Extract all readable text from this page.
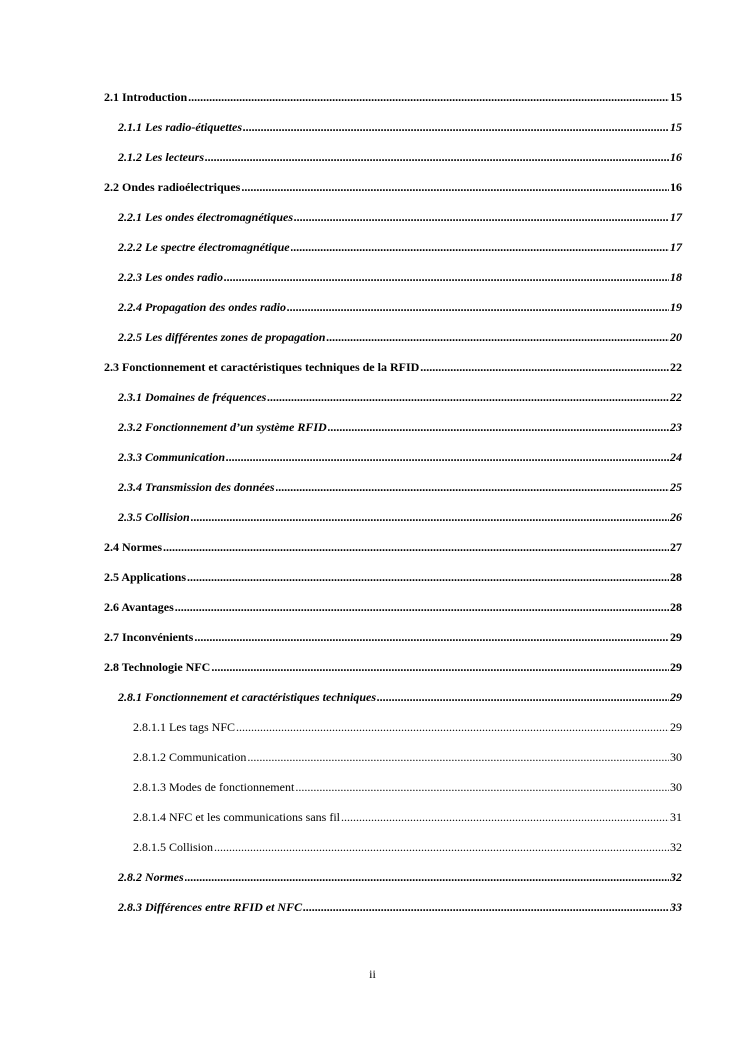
2.1 Introduction .....	15
2.1.1 Les radio-étiquettes .....	15
2.1.2 Les lecteurs .....	16
2.2 Ondes radioélectriques .....	16
2.2.1 Les ondes électromagnétiques .....	17
2.2.2 Le spectre électromagnétique .....	17
2.2.3 Les ondes radio .....	18
2.2.4 Propagation des ondes radio .....	19
2.2.5 Les différentes zones de propagation .....	20
2.3 Fonctionnement et caractéristiques techniques de la RFID .....	22
2.3.1 Domaines de fréquences .....	22
2.3.2 Fonctionnement d’un système RFID .....	23
2.3.3 Communication .....	24
2.3.4 Transmission des données .....	25
2.3.5 Collision .....	26
2.4 Normes .....	27
2.5 Applications .....	28
2.6 Avantages .....	28
2.7 Inconvénients .....	29
2.8 Technologie NFC .....	29
2.8.1 Fonctionnement et caractéristiques techniques .....	29
2.8.1.1 Les tags NFC .....	29
2.8.1.2 Communication .....	30
2.8.1.3 Modes de fonctionnement .....	30
2.8.1.4 NFC et les communications sans fil .....	31
2.8.1.5 Collision .....	32
2.8.2 Normes .....	32
2.8.3 Différences entre RFID et NFC .....	33
ii
